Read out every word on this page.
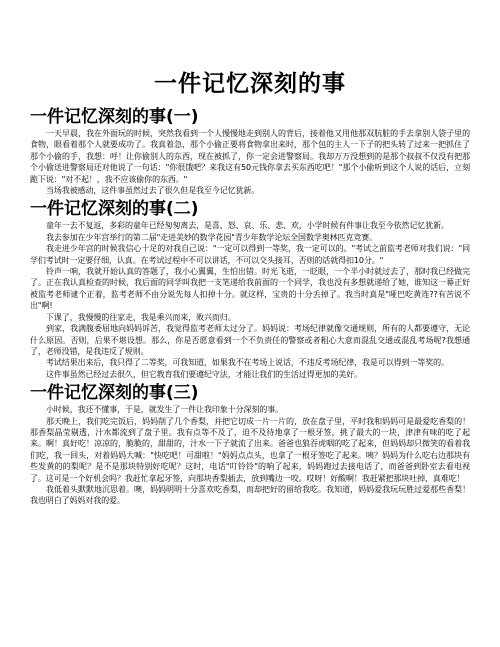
一件记忆深刻的事
一件记忆深刻的事(一)

一天早晨，我在外面玩的时候，突然我看到一个人慢慢地走到别人的背后，接着他又用他那双肮脏的手去拿别人袋子里的食物，眼看着那个人就要成功了。我真着急，那个小偷正要将食物拿出来时，那个包的主人一下子的把头转了过来一把抓住了那个小偷的手，我想：呼！让你偷别人的东西，现在被抓了，你一定会进警察局。我却万万没想到的是那个叔叔不仅没有把那个小偷送进警察局还对他说了一句话："你很饿吧？来我这有50元钱你拿去买东西吃吧！"那个小偷听到这个人说的话后，立刻跪下说："对不起！，我不应该偷你的东西。"

当场我被感动，这件事虽然过去了很久但是我至今记忆犹新。

一件记忆深刻的事(二)

童年一去不复返，多彩的童年已经匆匆离去，是喜、怒、哀、乐、悲、欢，小学时候有件事让我至今依然记忆犹新。

我去参加在少年宫举行的第二届"走进美妙的数学花园"青少年数学论坛全国数学奥林匹克竞赛。

我走进少年宫的时候我信心十足的对我自己说："一定可以得到一等奖，我一定可以的。"考试之前监考老师对我们说："同学们考试时一定要仔细，认真。在考试过程中不可以讲话，不可以交头接耳，否则的话就得扣10分。"

铃声一响，我就开始认真的答题了，我小心翼翼，生怕出错。时光飞逝，一眨眼，一个半小时就过去了，那时我已经做完了。正在我认真检查的时候，我后面的同学叫我把一支笔递给我前面的一个同学，我也没有多想就递给了她，谁知这一幕正好被监考老师逮个正着，监考老师不由分说先每人扣掉十分。就这样，宝贵的十分丢掉了。我当时真是"哑巴吃黄连??有苦说不出"啊!

下课了，我慢慢的往家走，我是乘兴而来，败兴而归。

到家，我满腹委屈地向妈妈诉苦，我觉得监考老师太过分了。妈妈说：考场纪律就像交通规则，所有的人都要遵守，无论什么原因。否则，后果不堪设想。那么，你是否愿意看到一个不负责任的警察或者粗心大意而混乱交通或混乱考场呢?我想通了，老师没错，是我违反了规则。

考试结果出来后，我只得了二等奖，可我知道，如果我不在考场上说话，不违反考场纪律，我是可以得到一等奖的。

这件事虽然已经过去很久，但它教育我们要遵纪守法，才能让我们的生活过得更加的美好。

一件记忆深刻的事(三)

小时候，我还不懂事，于是，就发生了一件让我印象十分深刻的事。

那天晚上，我们吃完饭后，妈妈削了几个香梨，并把它切成一片一片的，放在盘子里，平时我和妈妈可是最爱吃香梨的！那香梨晶莹剔透，汁水都流到了盘子里。我有点等不及了，迫不及待地拿了一根牙签，挑了最大的一块，津津有味的吃了起来。啊！真好吃！凉凉的，脆脆的，甜甜的，汁水一下子就流了出来。爸爸也狼吞虎咽的吃了起来，但妈妈却只微笑的看着我们吃，我一回头，对着妈妈大喊："快吃吧！可甜啦！"妈妈点点头，也拿了一根牙签吃了起来。咦？妈妈为什么吃右边那块有些发黄的的梨呢？是不是那块特别好吃呢？这时，电话"叮铃铃"的响了起来，妈妈跑过去接电话了，而爸爸到卧室去看电视了。这可是一个好机会吗？我赶忙拿起牙签，向那块香梨插去，放到嘴边一咬。哎呀！好酸啊！我赶紧把那块吐掉，真难吃！

我低着头默默地沉思着。噢，妈妈明明十分喜欢吃香梨，而却把好的留给我吃。我知道，妈妈爱我玩玩胜过爱那些香梨！我也明白了妈妈对我的爱。
